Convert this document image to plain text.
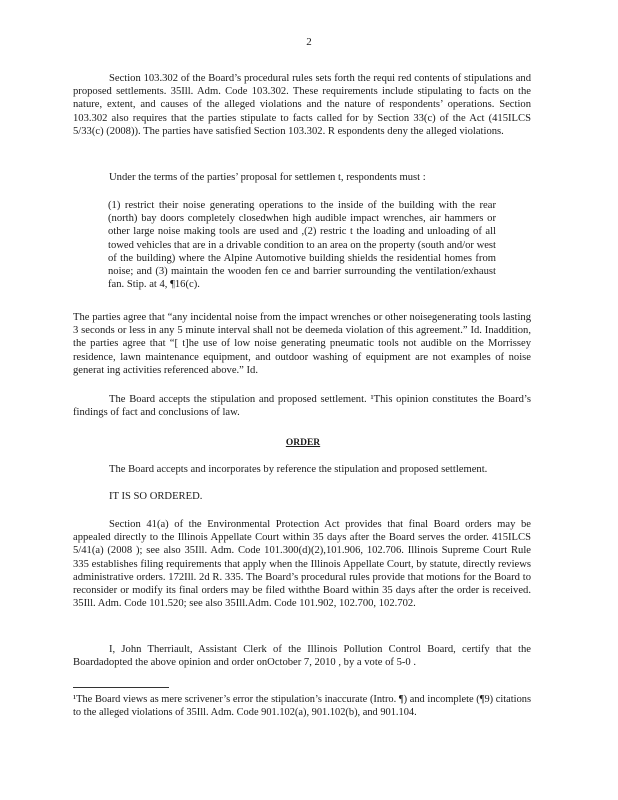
2

Section 103.302 of the Board’s procedural rules sets forth the requi red contents of stipulations and proposed settlements. 35Ill. Adm. Code 103.302. These requirements include stipulating to facts on the nature, extent, and causes of the alleged violations and the nature of respondents’ operations. Section 103.302 also requires that the parties stipulate to facts called for by Section 33(c) of the Act (415ILCS 5/33(c) (2008)). The parties have satisfied Section 103.302. R espondents deny the alleged violations.

Under the terms of the parties’ proposal for settlemen t, respondents must :

(1) restrict their noise generating operations to the inside of the building with the rear (north) bay doors completely closedwhen high audible impact wrenches, air hammers or other large noise making tools are used and ,(2) restric t the loading and unloading of all towed vehicles that are in a drivable condition to an area on the property (south and/or west of the building) where the Alpine Automotive building shields the residential homes from noise; and (3) maintain the wooden fen ce and barrier surrounding the ventilation/exhaust fan. Stip. at 4, ¶16(c).

The parties agree that “any incidental noise from the impact wrenches or other noisegenerating tools lasting 3 seconds or less in any 5 minute interval shall not be deemeda violation of this agreement.” Id. Inaddition, the parties agree that “[ t]he use of low noise generating pneumatic tools not audible on the Morrissey residence, lawn maintenance equipment, and outdoor washing of equipment are not examples of noise generat ing activities referenced above.” Id.

The Board accepts the stipulation and proposed settlement. ¹This opinion constitutes the Board’s findings of fact and conclusions of law.

ORDER

The Board accepts and incorporates by reference the stipulation and proposed settlement.

IT IS SO ORDERED.

Section 41(a) of the Environmental Protection Act provides that final Board orders may be appealed directly to the Illinois Appellate Court within 35 days after the Board serves the order. 415ILCS 5/41(a) (2008 ); see also 35Ill. Adm. Code 101.300(d)(2),101.906, 102.706. Illinois Supreme Court Rule 335 establishes filing requirements that apply when the Illinois Appellate Court, by statute, directly reviews administrative orders. 172Ill. 2d R. 335. The Board’s procedural rules provide that motions for the Board to reconsider or modify its final orders may be filed withthe Board within 35 days after the order is received. 35Ill. Adm. Code 101.520; see also 35Ill.Adm. Code 101.902, 102.700, 102.702.

I, John Therriault, Assistant Clerk of the Illinois Pollution Control Board, certify that the Boardadopted the above opinion and order onOctober 7, 2010 , by a vote of 5-0 .

¹The Board views as mere scrivener’s error the stipulation’s inaccurate (Intro. ¶) and incomplete (¶9) citations to the alleged violations of 35Ill. Adm. Code 901.102(a), 901.102(b), and 901.104.
